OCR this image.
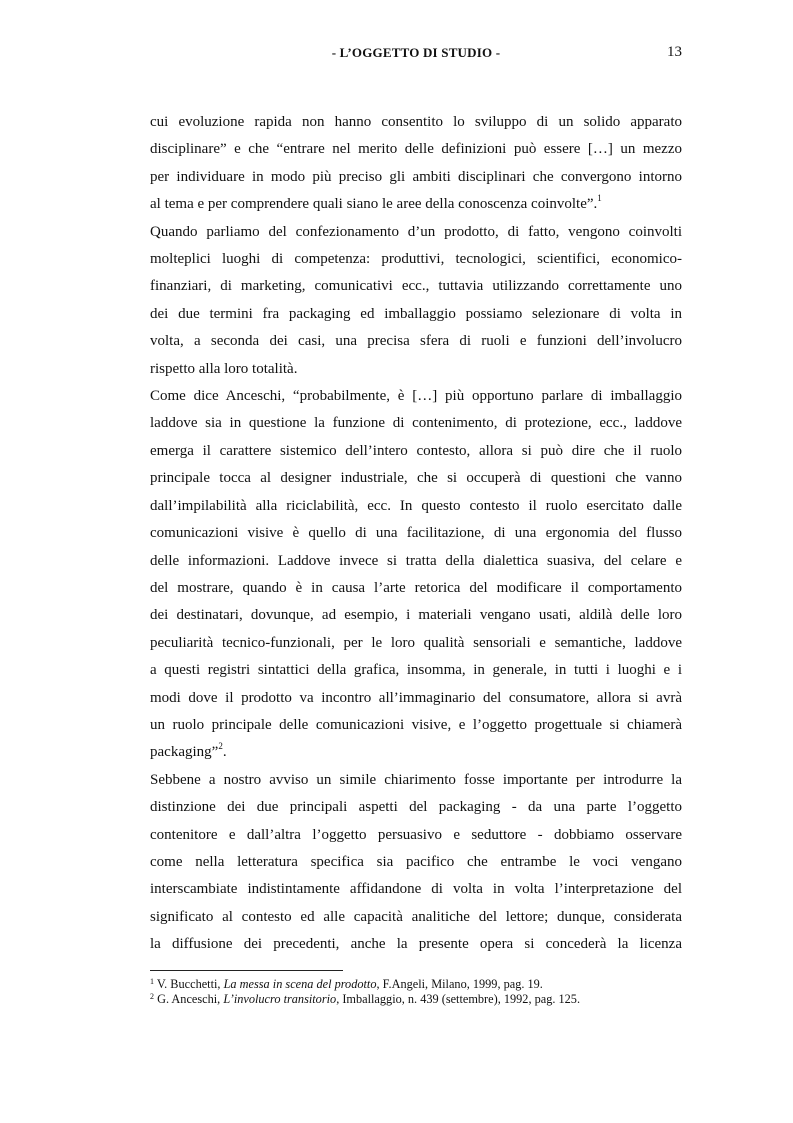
- L’OGGETTO DI STUDIO -	13

cui evoluzione rapida non hanno consentito lo sviluppo di un solido apparato
disciplinare” e che “entrare nel merito delle definizioni può essere […] un mezzo
per individuare in modo più preciso gli ambiti disciplinari che convergono intorno
al tema e per comprendere quali siano le aree della conoscenza coinvolte”.$^1$

Quando parliamo del confezionamento d’un prodotto, di fatto, vengono coinvolti
molteplici luoghi di competenza: produttivi, tecnologici, scientifici, economico-
finanziari, di marketing, comunicativi ecc., tuttavia utilizzando correttamente uno
dei due termini fra packaging ed imballaggio possiamo selezionare di volta in
volta, a seconda dei casi, una precisa sfera di ruoli e funzioni dell’involucro
rispetto alla loro totalità.

Come dice Anceschi, “probabilmente, è […] più opportuno parlare di imballaggio
laddove sia in questione la funzione di contenimento, di protezione, ecc., laddove
emerga il carattere sistemico dell’intero contesto, allora si può dire che il ruolo
principale tocca al designer industriale, che si occuperà di questioni che vanno
dall’impilabilità alla riciclabilità, ecc. In questo contesto il ruolo esercitato dalle
comunicazioni visive è quello di una facilitazione, di una ergonomia del flusso
delle informazioni. Laddove invece si tratta della dialettica suasiva, del celare e
del mostrare, quando è in causa l’arte retorica del modificare il comportamento
dei destinatari, dovunque, ad esempio, i materiali vengano usati, aldilà delle loro
peculiarità tecnico-funzionali, per le loro qualità sensoriali e semantiche, laddove
a questi registri sintattici della grafica, insomma, in generale, in tutti i luoghi e i
modi dove il prodotto va incontro all’immaginario del consumatore, allora si avrà
un ruolo principale delle comunicazioni visive, e l’oggetto progettuale si chiamerà
packaging”$^2$.

Sebbene a nostro avviso un simile chiarimento fosse importante per introdurre la
distinzione dei due principali aspetti del packaging - da una parte l’oggetto
contenitore e dall’altra l’oggetto persuasivo e seduttore - dobbiamo osservare
come nella letteratura specifica sia pacifico che entrambe le voci vengano
interscambiate indistintamente affidandone di volta in volta l’interpretazione del
significato al contesto ed alle capacità analitiche del lettore; dunque, considerata
la diffusione dei precedenti, anche la presente opera si concederà la licenza

$^1$ V. Bucchetti, La messa in scena del prodotto, F.Angeli, Milano, 1999, pag. 19.

$^2$ G. Anceschi, L’involucro transitorio, Imballaggio, n. 439 (settembre), 1992, pag. 125.
